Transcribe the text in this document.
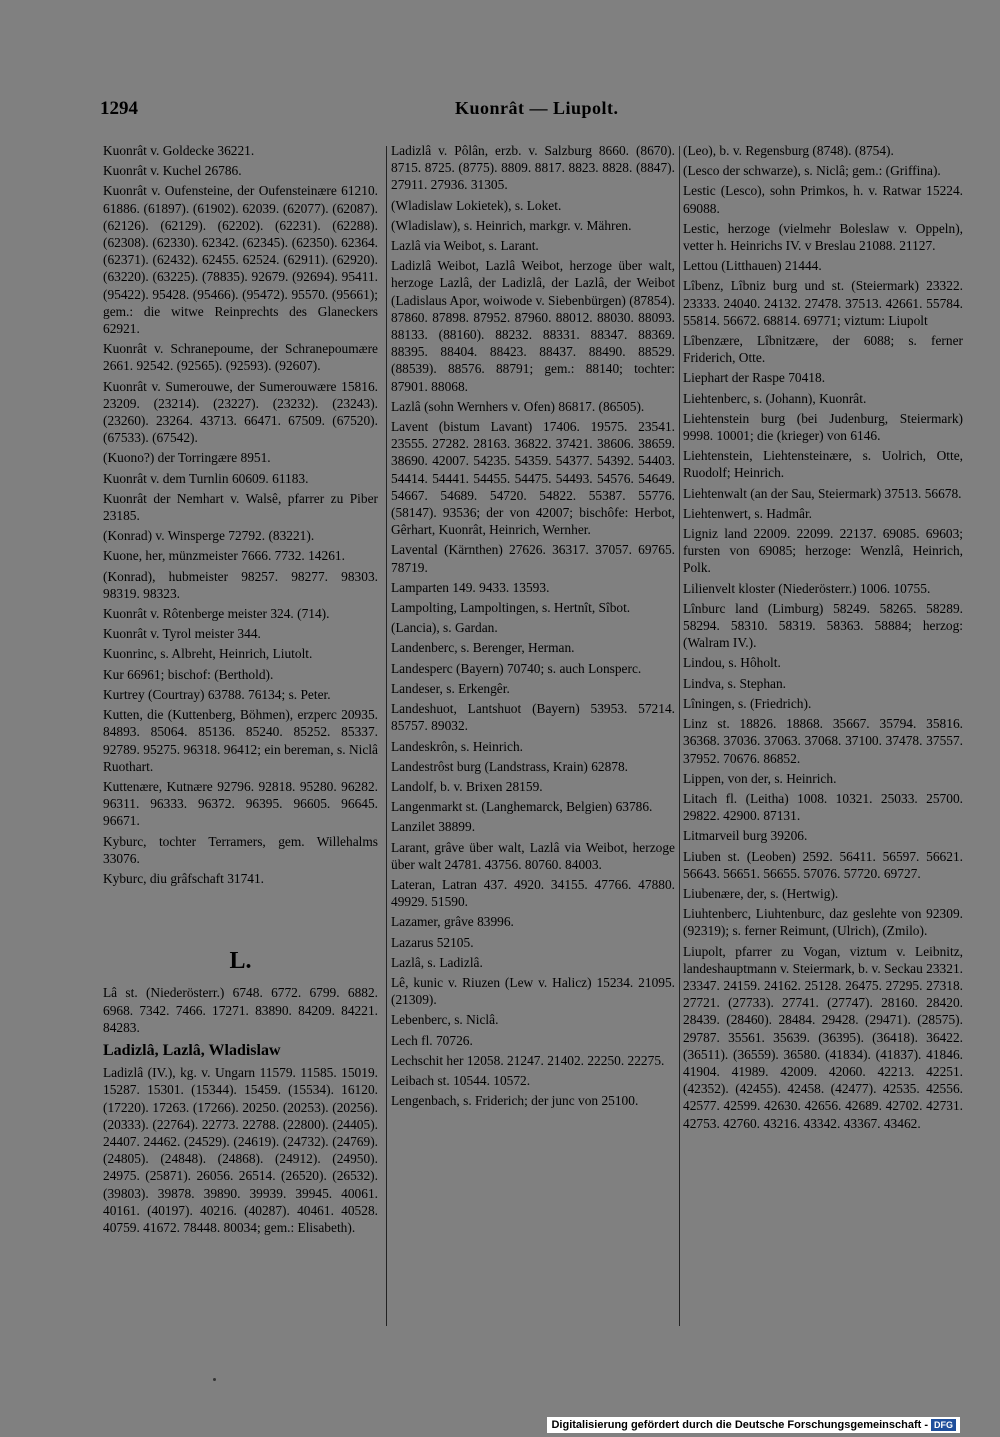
1294	Kuonrât — Liupolt.
Kuonrât v. Goldecke 36221.
Kuonrât v. Kuchel 26786.
Kuonrât v. Oufensteine, der Oufensteinære 61210. 61886. (61897). (61902). 62039. (62077). (62087). (62126). (62129). (62202). (62231). (62288). (62308). (62330). 62342. (62345). (62350). 62364. (62371). (62432). 62455. 62524. (62911). (62920). (63220). (63225). (78835). 92679. (92694). 95411. (95422). 95428. (95466). (95472). 95570. (95661); gem.: die witwe Reinprechts des Glaneckers 62921.
Kuonrât v. Schranepoume, der Schranepoumære 2661. 92542. (92565). (92593). (92607).
Kuonrât v. Sumerouwe, der Sumerouwære 15816. 23209. (23214). (23227). (23232). (23243). (23260). 23264. 43713. 66471. 67509. (67520). (67533). (67542).
(Kuono?) der Torringære 8951.
Kuonrât v. dem Turnlin 60609. 61183.
Kuonrât der Nemhart v. Walsê, pfarrer zu Piber 23185.
(Konrad) v. Winsperge 72792. (83221).
Kuone, her, münzmeister 7666. 7732. 14261.
(Konrad), hubmeister 98257. 98277. 98303. 98319. 98323.
Kuonrât v. Rôtenberge meister 324. (714).
Kuonrât v. Tyrol meister 344.
Kuonrinc, s. Albreht, Heinrich, Liutolt.
Kur 66961; bischof: (Berthold).
Kurtrey (Courtray) 63788. 76134; s. Peter.
Kutten, die (Kuttenberg, Böhmen), erzperc 20935. 84893. 85064. 85136. 85240. 85252. 85337. 92789. 95275. 96318. 96412; ein bereman, s. Niclâ Ruothart.
Kuttenære, Kutnære 92796. 92818. 95280. 96282. 96311. 96333. 96372. 96395. 96605. 96645. 96671.
Kyburc, tochter Terramers, gem. Willehalms 33076.
Kyburc, diu grâfschaft 31741.
L.
Lâ st. (Niederösterr.) 6748. 6772. 6799. 6882. 6968. 7342. 7466. 17271. 83890. 84209. 84221. 84283.
Ladizlâ, Lazlâ, Wladislaw
Ladizlâ (IV.), kg. v. Ungarn 11579. 11585. 15019. 15287. 15301. (15344). 15459. (15534). 16120. (17220). 17263. (17266). 20250. (20253). (20256). (20333). (22764). 22773. 22788. (22800). (24405). 24407. 24462. (24529). (24619). (24732). (24769). (24805). (24848). (24868). (24912). (24950). 24975. (25871). 26056. 26514. (26520). (26532). (39803). 39878. 39890. 39939. 39945. 40061. 40161. (40197). 40216. (40287). 40461. 40528. 40759. 41672. 78448. 80034; gem.: Elisabeth).
Ladizlâ v. Pôlân, erzb. v. Salzburg 8660. (8670). 8715. 8725. (8775). 8809. 8817. 8823. 8828. (8847). 27911. 27936. 31305.
(Wladislaw Lokietek), s. Loket.
(Wladislaw), s. Heinrich, markgr. v. Mähren.
Lazlâ via Weibot, s. Larant.
Ladizlâ Weibot, Lazlâ Weibot, herzoge über walt, herzoge Lazlâ, der Ladizlâ, der Lazlâ, der Weibot (Ladislaus Apor, woiwode v. Siebenbürgen) (87854). 87860. 87898. 87952. 87960. 88012. 88030. 88093. 88133. (88160). 88232. 88331. 88347. 88369. 88395. 88404. 88423. 88437. 88490. 88529. (88539). 88576. 88791; gem.: 88140; tochter: 87901. 88068.
Lazlâ (sohn Wernhers v. Ofen) 86817. (86505).
Lavent (bistum Lavant) 17406. 19575. 23541. 23555. 27282. 28163. 36822. 37421. 38606. 38659. 38690. 42007. 54235. 54359. 54377. 54392. 54403. 54414. 54441. 54455. 54475. 54493. 54576. 54649. 54667. 54689. 54720. 54822. 55387. 55776. (58147). 93536; der von 42007; bischôfe: Herbot, Gêrhart, Kuonrât, Heinrich, Wernher.
Lavental (Kärnthen) 27626. 36317. 37057. 69765. 78719.
Lamparten 149. 9433. 13593.
Lampolting, Lampoltingen, s. Hertnît, Sîbot.
(Lancia), s. Gardan.
Landenberc, s. Berenger, Herman.
Landesperc (Bayern) 70740; s. auch Lonsperc.
Landeser, s. Erkengêr.
Landeshuot, Lantshuot (Bayern) 53953. 57214. 85757. 89032.
Landeskrôn, s. Heinrich.
Landestrôst burg (Landstrass, Krain) 62878.
Landolf, b. v. Brixen 28159.
Langenmarkt st. (Langhemarck, Belgien) 63786.
Lanzilet 38899.
Larant, grâve über walt, Lazlâ via Weibot, herzoge über walt 24781. 43756. 80760. 84003.
Lateran, Latran 437. 4920. 34155. 47766. 47880. 49929. 51590.
Lazamer, grâve 83996.
Lazarus 52105.
Lazlâ, s. Ladizlâ.
Lê, kunic v. Riuzen (Lew v. Halicz) 15234. 21095. (21309).
Lebenberc, s. Niclâ.
Lech fl. 70726.
Lechschit her 12058. 21247. 21402. 22250. 22275.
Leibach st. 10544. 10572.
Lengenbach, s. Friderich; der junc von 25100.
(Leo), b. v. Regensburg (8748). (8754).
(Lesco der schwarze), s. Niclâ; gem.: (Griffina).
Lestic (Lesco), sohn Primkos, h. v. Ratwar 15224. 69088.
Lestic, herzoge (vielmehr Boleslaw v. Oppeln), vetter h. Heinrichs IV. v Breslau 21088. 21127.
Lettou (Litthauen) 21444.
Lîbenz, Lîbniz burg und st. (Steiermark) 23322. 23333. 24040. 24132. 27478. 37513. 42661. 55784. 55814. 56672. 68814. 69771; viztum: Liupolt
Lîbenzære, Lîbnitzære, der 6088; s. ferner Friderich, Otte.
Liephart der Raspe 70418.
Liehtenberc, s. (Johann), Kuonrât.
Liehtenstein burg (bei Judenburg, Steiermark) 9998. 10001; die (krieger) von 6146.
Liehtenstein, Liehtensteinære, s. Uolrich, Otte, Ruodolf; Heinrich.
Liehtenwalt (an der Sau, Steiermark) 37513. 56678.
Liehtenwert, s. Hadmâr.
Ligniz land 22009. 22099. 22137. 69085. 69603; fursten von 69085; herzoge: Wenzlâ, Heinrich, Polk.
Lilienvelt kloster (Niederösterr.) 1006. 10755.
Lînburc land (Limburg) 58249. 58265. 58289. 58294. 58310. 58319. 58363. 58884; herzog: (Walram IV.).
Lindou, s. Hôholt.
Lindva, s. Stephan.
Lîningen, s. (Friedrich).
Linz st. 18826. 18868. 35667. 35794. 35816. 36368. 37036. 37063. 37068. 37100. 37478. 37557. 37952. 70676. 86852.
Lippen, von der, s. Heinrich.
Litach fl. (Leitha) 1008. 10321. 25033. 25700. 29822. 42900. 87131.
Litmarveil burg 39206.
Liuben st. (Leoben) 2592. 56411. 56597. 56621. 56643. 56651. 56655. 57076. 57720. 69727.
Liubenære, der, s. (Hertwig).
Liuhtenberc, Liuhtenburc, daz geslehte von 92309. (92319); s. ferner Reimunt, (Ulrich), (Zmilo).
Liupolt, pfarrer zu Vogan, viztum v. Leibnitz, landeshauptmann v. Steiermark, b. v. Seckau 23321. 23347. 24159. 24162. 25128. 26475. 27295. 27318. 27721. (27733). 27741. (27747). 28160. 28420. 28439. (28460). 28484. 29428. (29471). (28575). 29787. 35561. 35639. (36395). (36418). 36422. (36511). (36559). 36580. (41834). (41837). 41846. 41904. 41989. 42009. 42060. 42213. 42251. (42352). (42455). 42458. (42477). 42535. 42556. 42577. 42599. 42630. 42656. 42689. 42702. 42731. 42753. 42760. 43216. 43342. 43367. 43462.
Digitalisierung gefördert durch die Deutsche Forschungsgemeinschaft - DFG
